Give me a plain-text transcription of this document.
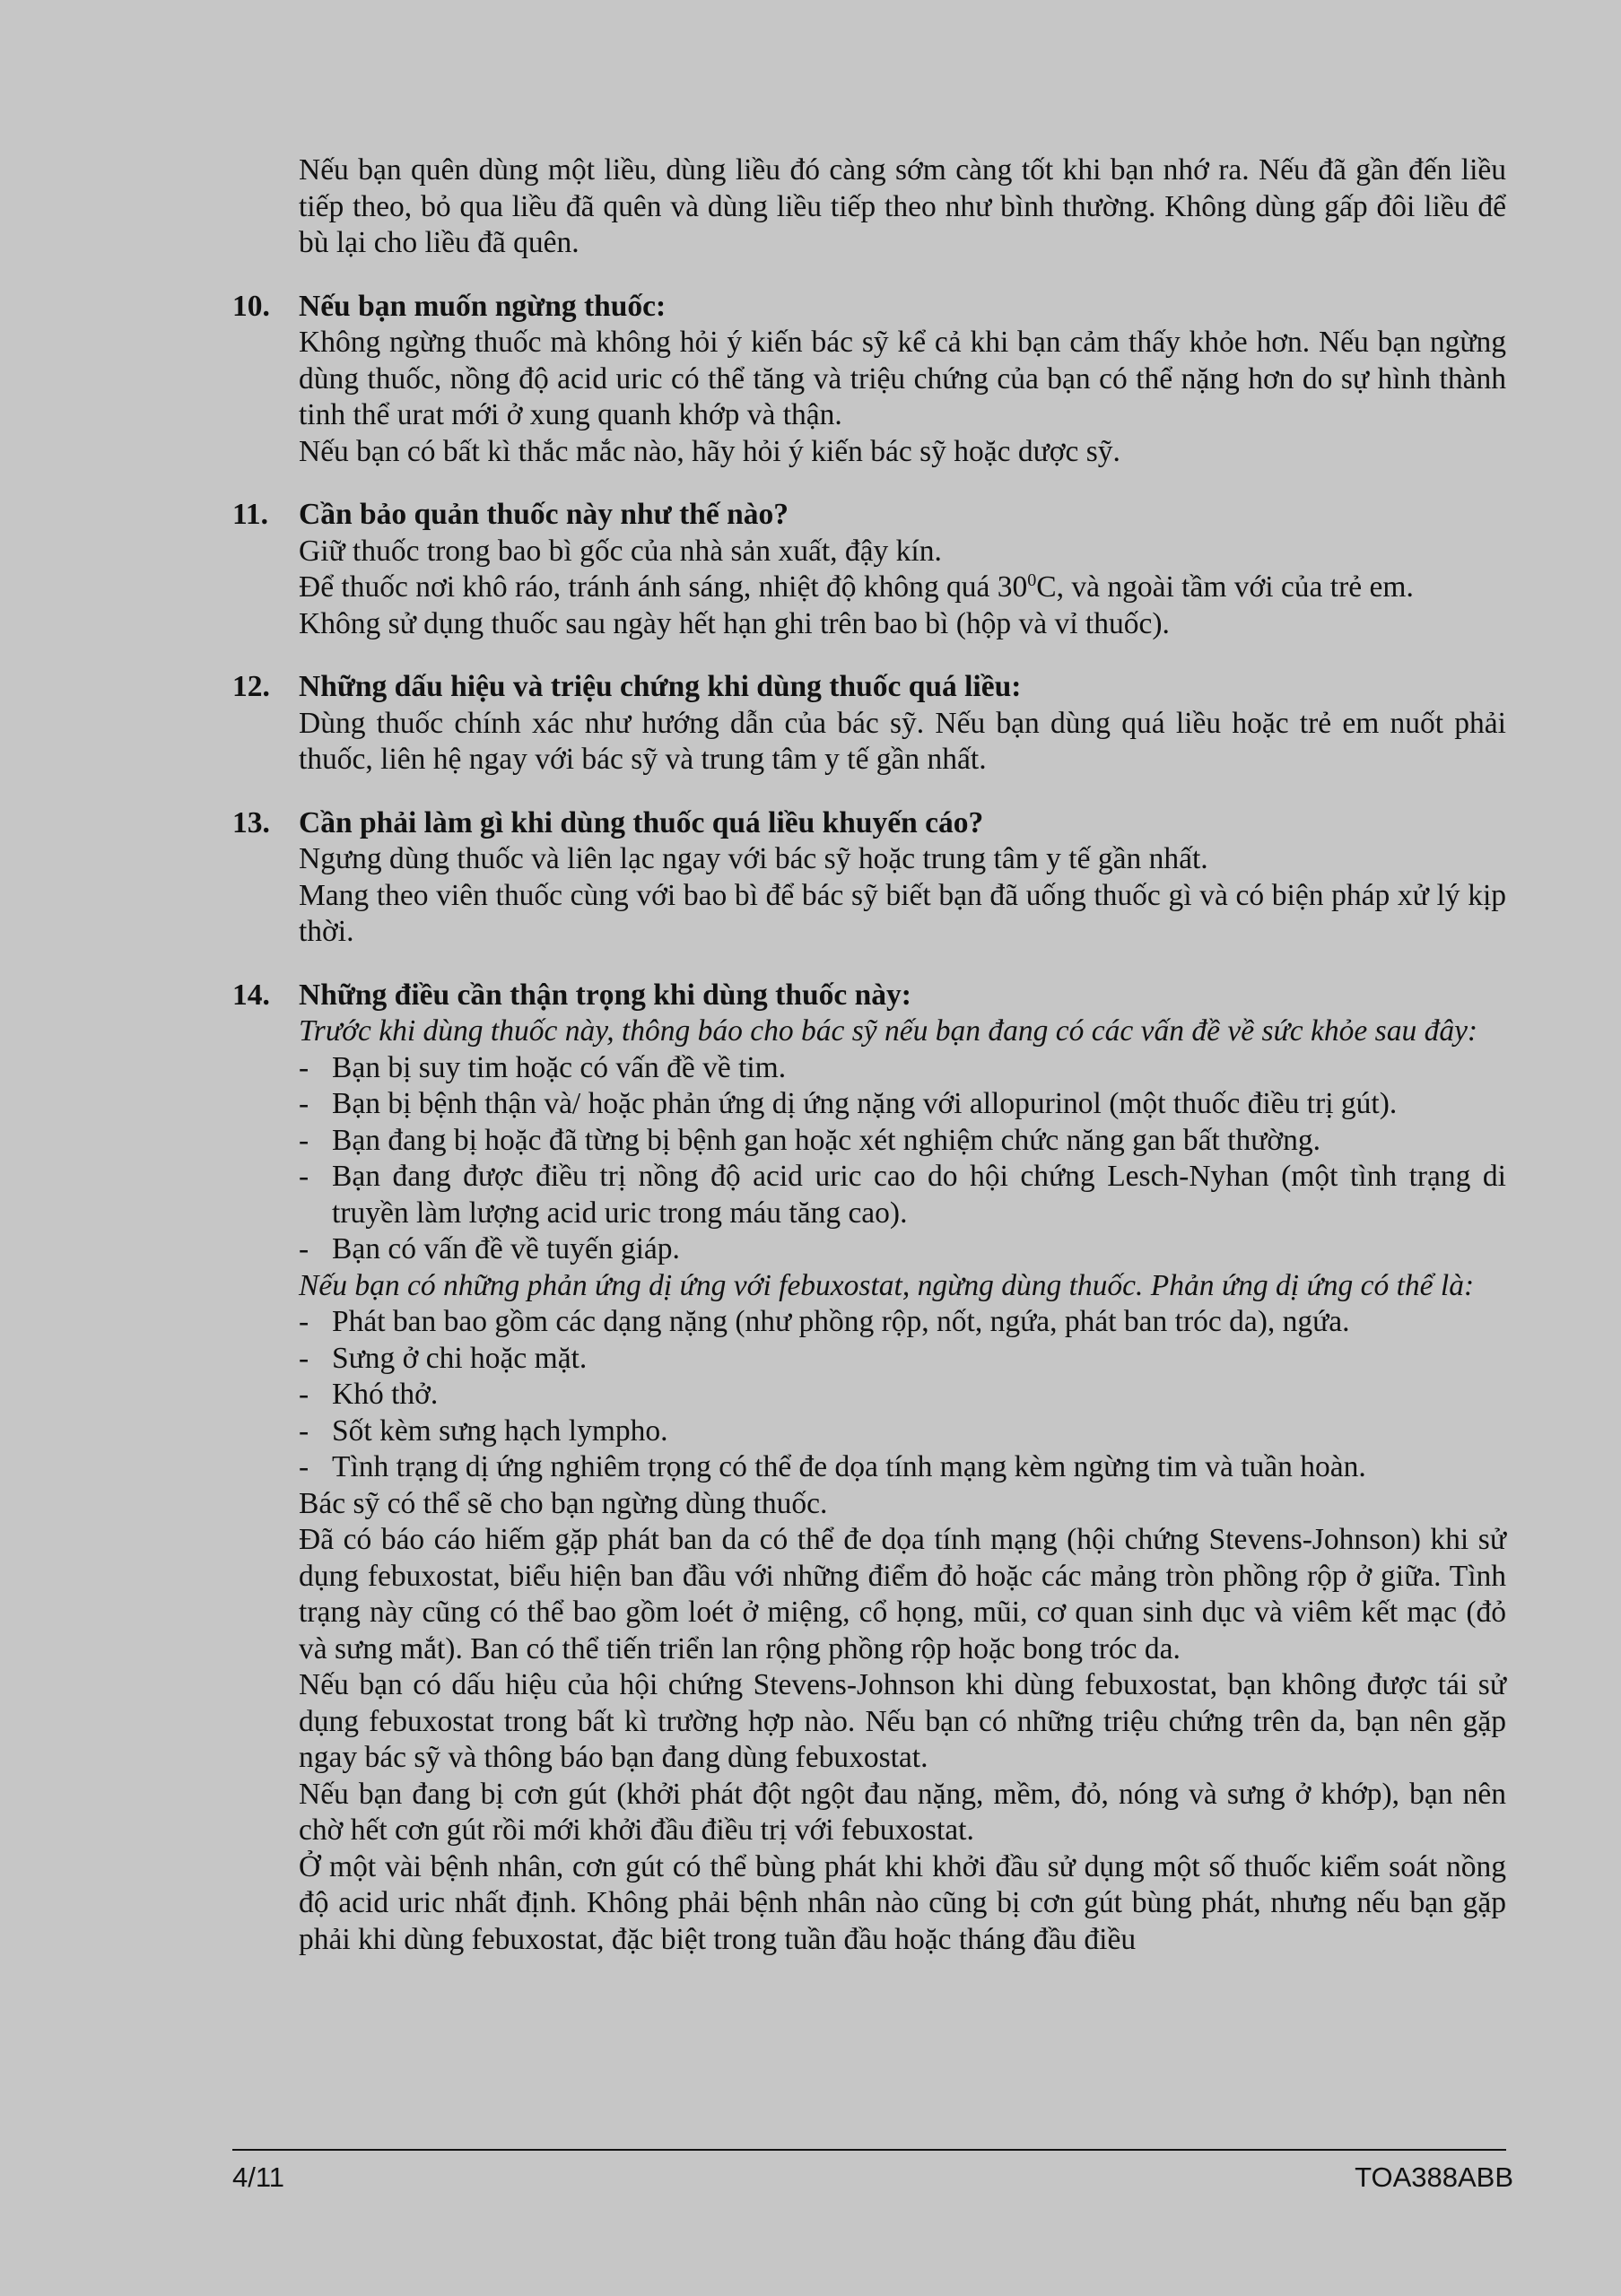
Nếu bạn quên dùng một liều, dùng liều đó càng sớm càng tốt khi bạn nhớ ra. Nếu đã gần đến liều tiếp theo, bỏ qua liều đã quên và dùng liều tiếp theo như bình thường. Không dùng gấp đôi liều để bù lại cho liều đã quên.

10. Nếu bạn muốn ngừng thuốc:

Không ngừng thuốc mà không hỏi ý kiến bác sỹ kể cả khi bạn cảm thấy khỏe hơn. Nếu bạn ngừng dùng thuốc, nồng độ acid uric có thể tăng và triệu chứng của bạn có thể nặng hơn do sự hình thành tinh thể urat mới ở xung quanh khớp và thận.

Nếu bạn có bất kì thắc mắc nào, hãy hỏi ý kiến bác sỹ hoặc dược sỹ.

11.	Cần bảo quản thuốc này như thế nào?

Giữ thuốc trong bao bì gốc của nhà sản xuất, đậy kín.

Để thuốc nơi khô ráo, tránh ánh sáng, nhiệt độ không quá $30^0C$, và ngoài tầm với của trẻ em.

Không sử dụng thuốc sau ngày hết hạn ghi trên bao bì (hộp và vỉ thuốc).

12. Những dấu hiệu và triệu chứng khi dùng thuốc quá liều:

Dùng thuốc chính xác như hướng dẫn của bác sỹ. Nếu bạn dùng quá liều hoặc trẻ em nuốt phải thuốc, liên hệ ngay với bác sỹ và trung tâm y tế gần nhất.

13. Cần phải làm gì khi dùng thuốc quá liều khuyến cáo?

Ngưng dùng thuốc và liên lạc ngay với bác sỹ hoặc trung tâm y tế gần nhất.

Mang theo viên thuốc cùng với bao bì để bác sỹ biết bạn đã uống thuốc gì và có biện pháp xử lý kịp thời.

14. Những điều cần thận trọng khi dùng thuốc này:

Trước khi dùng thuốc này, thông báo cho bác sỹ nếu bạn đang có các vấn đề về sức khỏe sau đây:

- Bạn bị suy tim hoặc có vấn đề về tim.
- Bạn bị bệnh thận và/ hoặc phản ứng dị ứng nặng với allopurinol (một thuốc điều trị gút).
- Bạn đang bị hoặc đã từng bị bệnh gan hoặc xét nghiệm chức năng gan bất thường.
- Bạn đang được điều trị nồng độ acid uric cao do hội chứng Lesch-Nyhan (một tình trạng di truyền làm lượng acid uric trong máu tăng cao).
- Bạn có vấn đề về tuyến giáp.

Nếu bạn có những phản ứng dị ứng với febuxostat, ngừng dùng thuốc. Phản ứng dị ứng có thể là:

- Phát ban bao gồm các dạng nặng (như phồng rộp, nốt, ngứa, phát ban tróc da), ngứa.
- Sưng ở chi hoặc mặt.
- Khó thở.
- Sốt kèm sưng hạch lympho.
- Tình trạng dị ứng nghiêm trọng có thể đe dọa tính mạng kèm ngừng tim và tuần hoàn.

Bác sỹ có thể sẽ cho bạn ngừng dùng thuốc.

Đã có báo cáo hiếm gặp phát ban da có thể đe dọa tính mạng (hội chứng Stevens-Johnson) khi sử dụng febuxostat, biểu hiện ban đầu với những điểm đỏ hoặc các mảng tròn phồng rộp ở giữa. Tình trạng này cũng có thể bao gồm loét ở miệng, cổ họng, mũi, cơ quan sinh dục và viêm kết mạc (đỏ và sưng mắt). Ban có thể tiến triển lan rộng phồng rộp hoặc bong tróc da.

Nếu bạn có dấu hiệu của hội chứng Stevens-Johnson khi dùng febuxostat, bạn không được tái sử dụng febuxostat trong bất kì trường hợp nào. Nếu bạn có những triệu chứng trên da, bạn nên gặp ngay bác sỹ và thông báo bạn đang dùng febuxostat.

Nếu bạn đang bị cơn gút (khởi phát đột ngột đau nặng, mềm, đỏ, nóng và sưng ở khớp), bạn nên chờ hết cơn gút rồi mới khởi đầu điều trị với febuxostat.

Ở một vài bệnh nhân, cơn gút có thể bùng phát khi khởi đầu sử dụng một số thuốc kiểm soát nồng độ acid uric nhất định. Không phải bệnh nhân nào cũng bị cơn gút bùng phát, nhưng nếu bạn gặp phải khi dùng febuxostat, đặc biệt trong tuần đầu hoặc tháng đầu điều

4/11	TOA388ABB
